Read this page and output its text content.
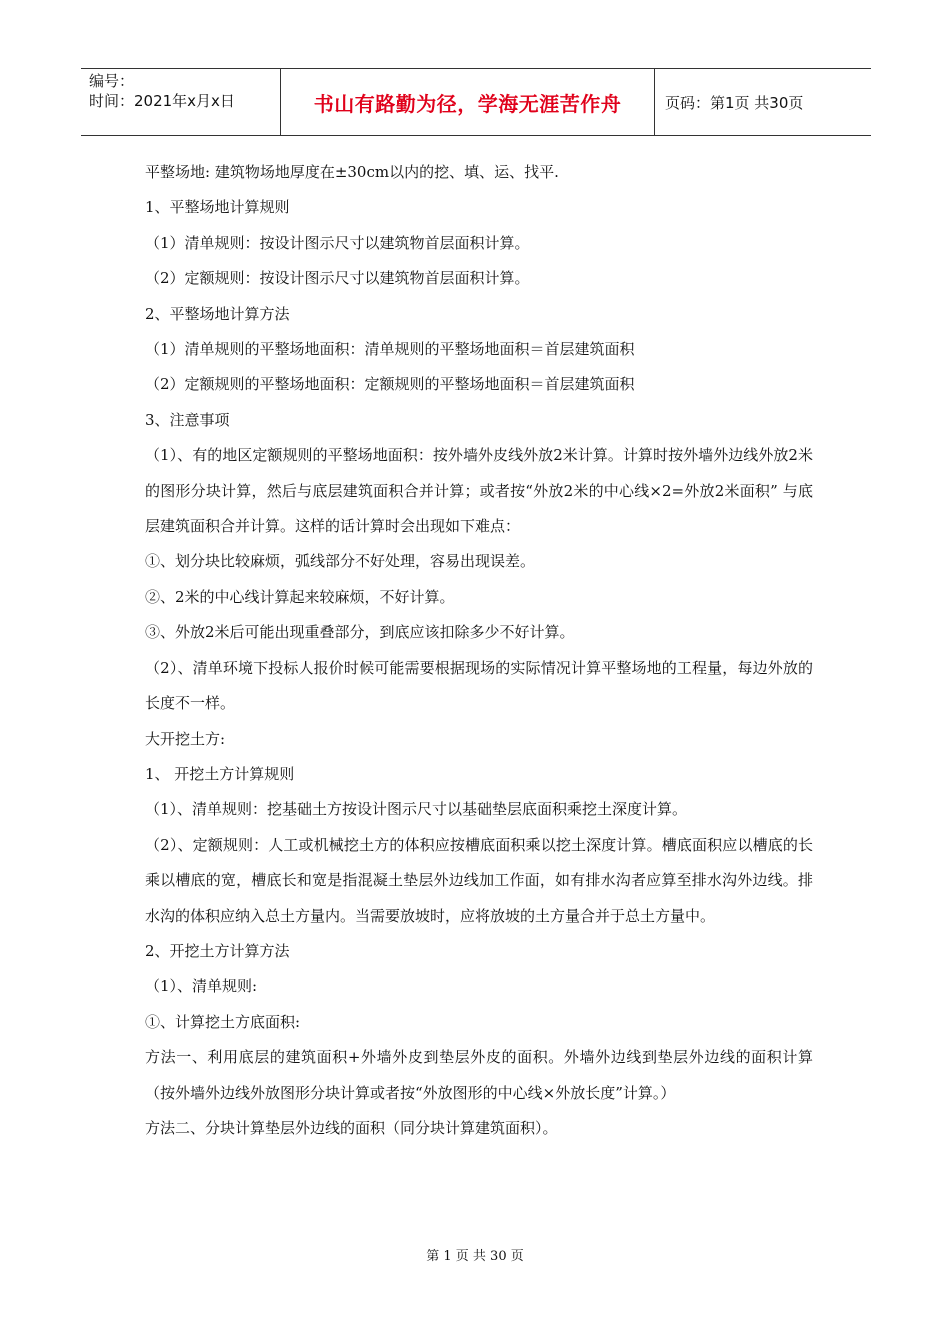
编号：
时间：2021年x月x日	书山有路勤为径，学海无涯苦作舟	页码：第1页 共30页

平整场地: 建筑物场地厚度在±30cm以内的挖、填、运、找平.

1、平整场地计算规则

（1）清单规则：按设计图示尺寸以建筑物首层面积计算。

（2）定额规则：按设计图示尺寸以建筑物首层面积计算。

2、平整场地计算方法

（1）清单规则的平整场地面积：清单规则的平整场地面积＝首层建筑面积

（2）定额规则的平整场地面积：定额规则的平整场地面积＝首层建筑面积

3、注意事项

（1）、有的地区定额规则的平整场地面积：按外墙外皮线外放2米计算。计算时按外墙外边线外放2米的图形分块计算，然后与底层建筑面积合并计算；或者按“外放2米的中心线×2=外放2米面积” 与底层建筑面积合并计算。这样的话计算时会出现如下难点：

①、划分块比较麻烦，弧线部分不好处理，容易出现误差。

②、2米的中心线计算起来较麻烦，不好计算。

③、外放2米后可能出现重叠部分，到底应该扣除多少不好计算。

（2）、清单环境下投标人报价时候可能需要根据现场的实际情况计算平整场地的工程量，每边外放的长度不一样。

大开挖土方:

1、 开挖土方计算规则

（1）、清单规则：挖基础土方按设计图示尺寸以基础垫层底面积乘挖土深度计算。

（2）、定额规则：人工或机械挖土方的体积应按槽底面积乘以挖土深度计算。槽底面积应以槽底的长乘以槽底的宽，槽底长和宽是指混凝土垫层外边线加工作面，如有排水沟者应算至排水沟外边线。排水沟的体积应纳入总土方量内。当需要放坡时，应将放坡的土方量合并于总土方量中。

2、开挖土方计算方法

（1）、清单规则:

①、计算挖土方底面积:

方法一、利用底层的建筑面积+外墙外皮到垫层外皮的面积。外墙外边线到垫层外边线的面积计算（按外墙外边线外放图形分块计算或者按“外放图形的中心线×外放长度”计算。）

方法二、分块计算垫层外边线的面积（同分块计算建筑面积）。

第 1 页 共 30 页
